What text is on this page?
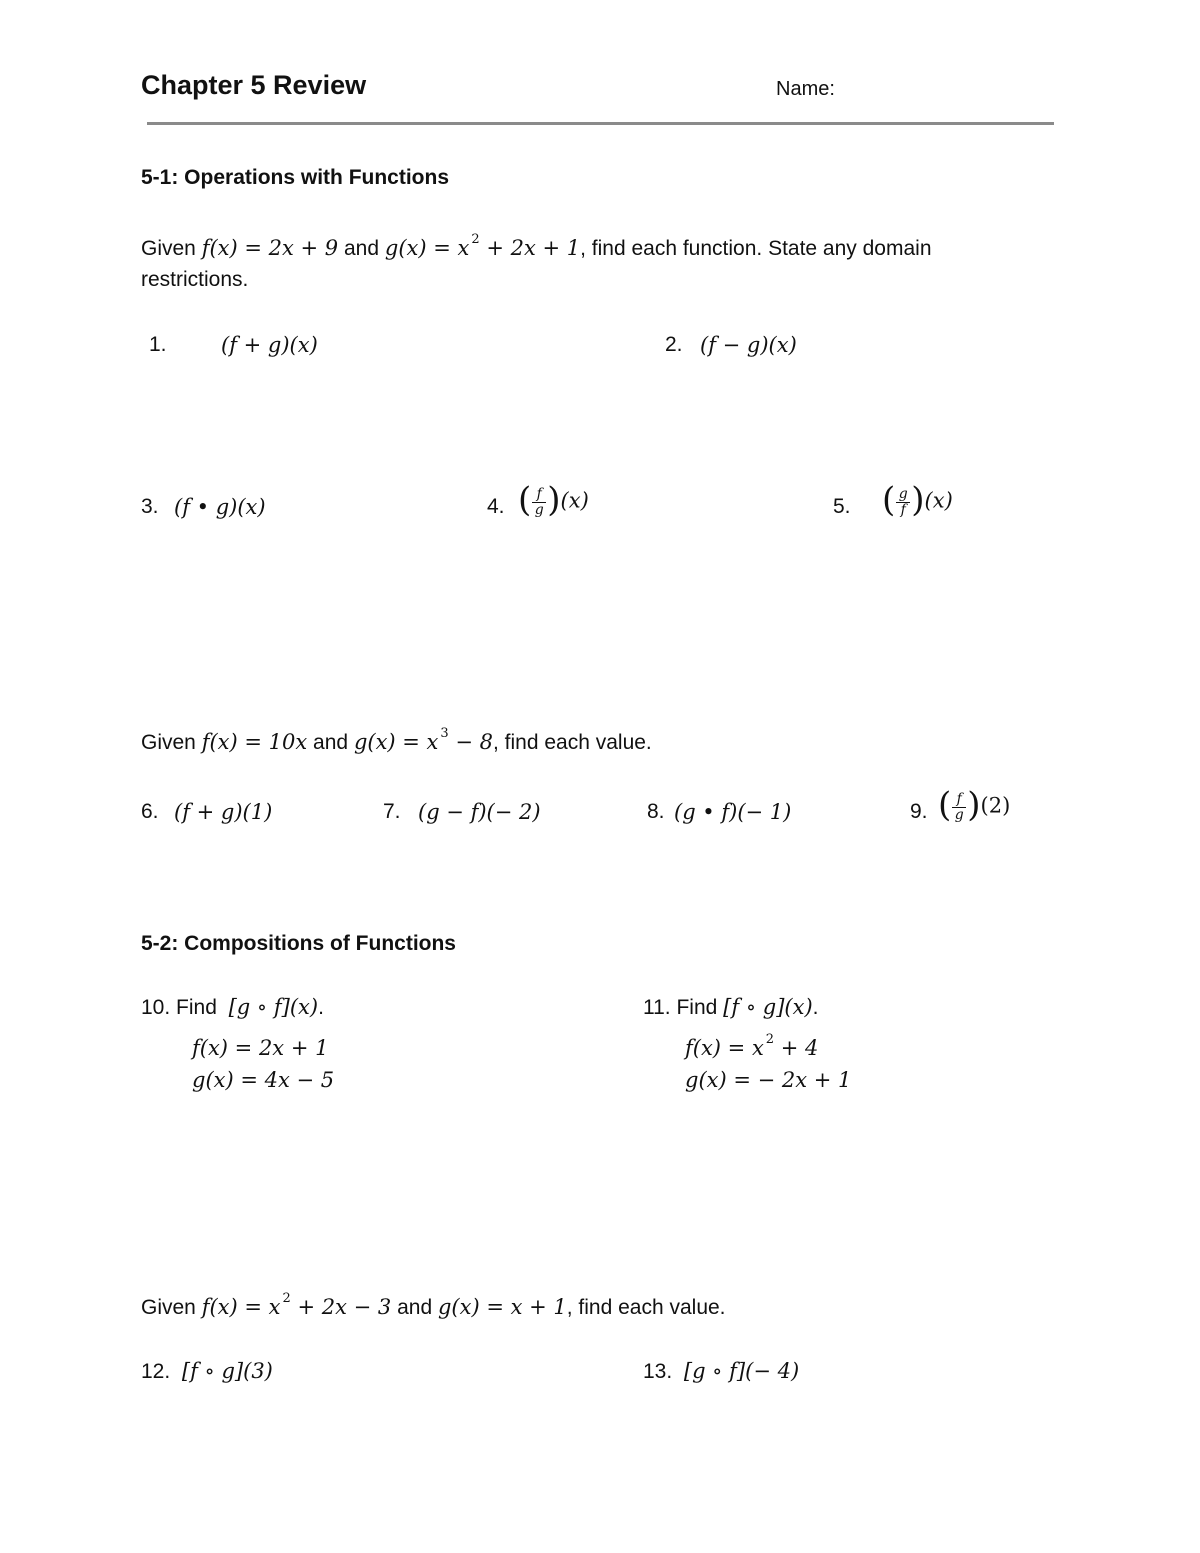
Chapter 5 Review	Name:
5-1: Operations with Functions
Given f(x) = 2x + 9 and g(x) = x $^2$ + 2x + 1, find each function. State any domain
restrictions.
1.	(f + g)(x)	2. (f − g)(x)
3. (f • g)(x)	4. ( $\frac{f}{g} )(x)$	5. ( $\frac{g}{f} )(x)$
Given f(x) = 10x and g(x) = x $^3$ − 8, find each value.
6. (f + g)(1)	7. (g − f)(− 2)	8. (g • f)(− 1)	9. ( $\frac{f}{g} )(2)$
5-2: Compositions of Functions
10. Find  [g ∘ f](x).
f(x) = 2x + 1
g(x) = 4x − 5
11. Find [f ∘ g](x).
f(x) = x $^2$ + 4
g(x) = − 2x + 1
Given f(x) = x $^2$ + 2x − 3 and g(x) = x + 1, find each value.
12. [f ∘ g](3)	13. [g ∘ f](− 4)
